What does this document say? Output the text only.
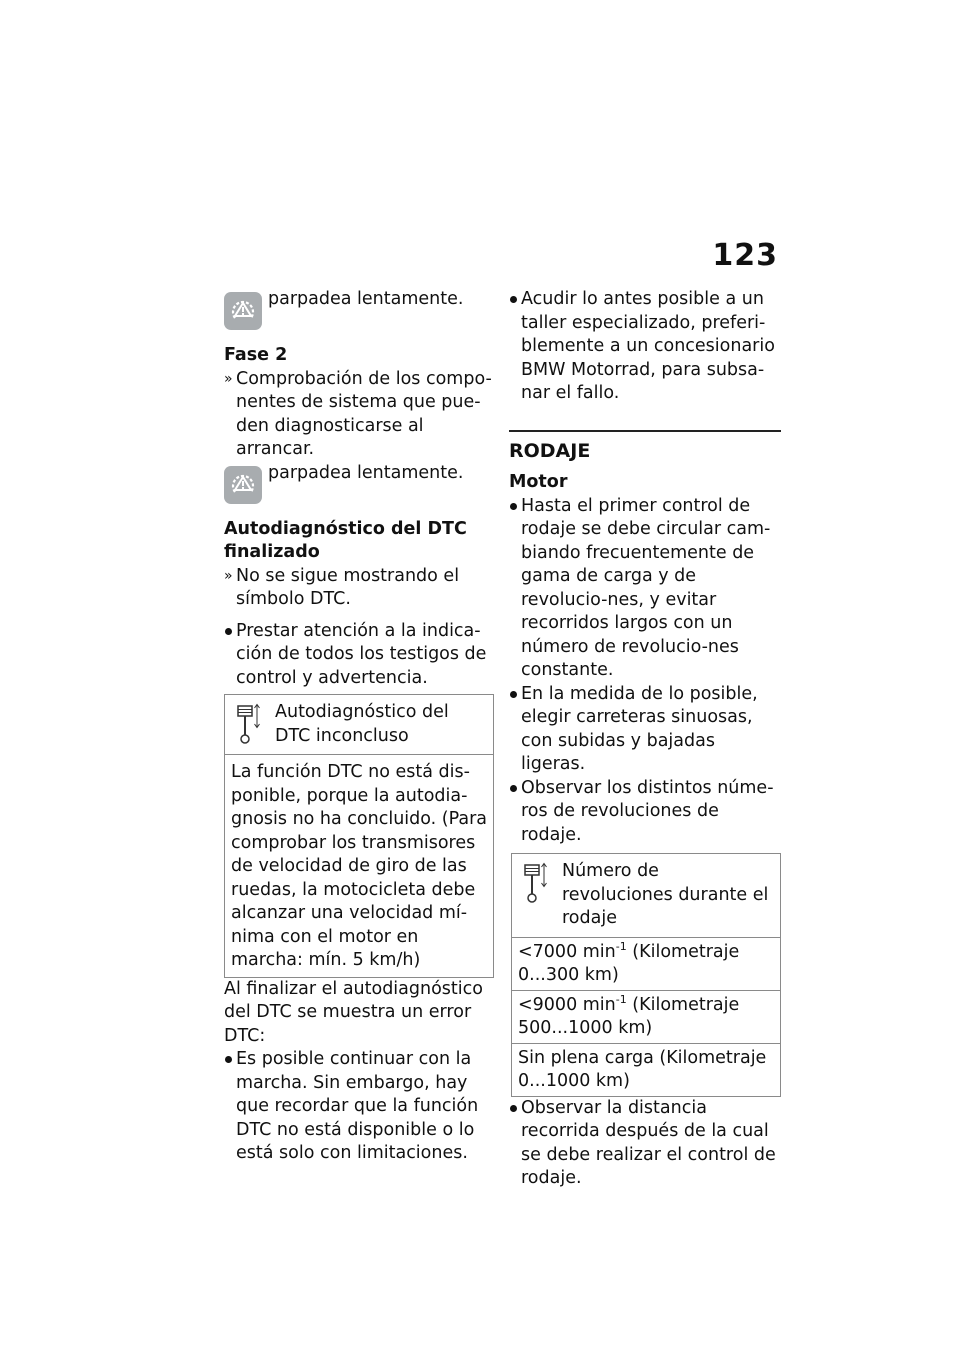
123
parpadea lentamente.

Fase 2

» Comprobación de los compo-nentes de sistema que pue-den diagnosticarse al arrancar.

parpadea lentamente.

Autodiagnóstico del DTC
finalizado

» No se sigue mostrando el símbolo DTC.

Prestar atención a la indica-ción de todos los testigos de control y advertencia.

Autodiagnóstico del DTC inconcluso
La función DTC no está dis-ponible, porque la autodia-gnosis no ha concluido. (Para comprobar los transmisores de velocidad de giro de las ruedas, la motocicleta debe alcanzar una velocidad mí-nima con el motor en marcha: mín. 5 km/h)

Al finalizar el autodiagnóstico del DTC se muestra un error DTC:

Es posible continuar con la marcha. Sin embargo, hay que recordar que la función DTC no está disponible o lo está solo con limitaciones.

Acudir lo antes posible a un taller especializado, preferi-blemente a un concesionario BMW Motorrad, para subsa-nar el fallo.

RODAJE

Motor

Hasta el primer control de rodaje se debe circular cam-biando frecuentemente de gama de carga y de revolucio-nes, y evitar recorridos largos con un número de revolucio-nes constante.

En la medida de lo posible, elegir carreteras sinuosas, con subidas y bajadas ligeras.

Observar los distintos núme-ros de revoluciones de rodaje.

Número de revoluciones durante el rodaje
<7000 $\min^{-1}$ (Kilometraje 0...300 km)
<9000 $\min^{-1}$ (Kilometraje 500...1000 km)
Sin plena carga (Kilometraje 0...1000 km)

Observar la distancia recorrida después de la cual se debe realizar el control de rodaje.
